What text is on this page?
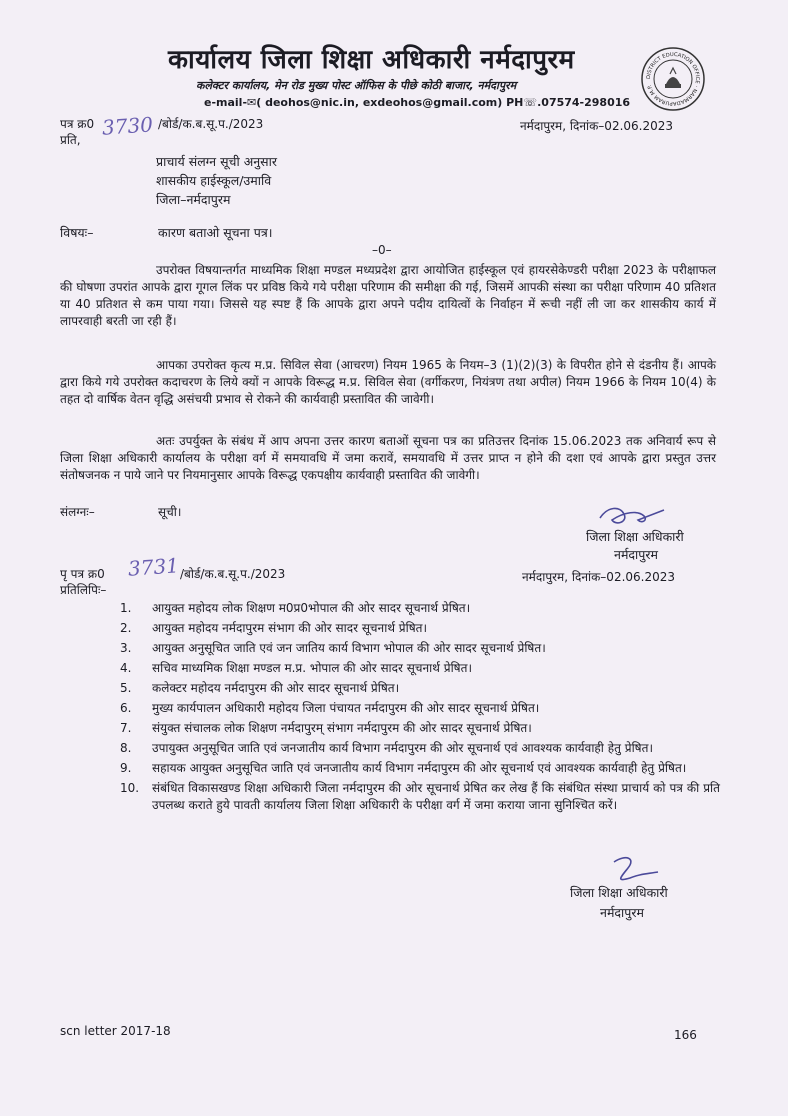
कार्यालय जिला शिक्षा अधिकारी नर्मदापुरम
कलेक्टर कार्यालय, मेन रोड मुख्य पोस्ट ऑफिस के पीछे कोठी बाजार, नर्मदापुरम
e-mail-✉( deohos@nic.in, exdeohos@gmail.com) PH☏.07574-298016
DISTRICT EDUCATION OFFICE · NARMADAPURAM M.P.
पत्र क्र0 3730 /बोर्ड/क.ब.सू.प./2023	नर्मदापुरम, दिनांक–02.06.2023
प्रति,
प्राचार्य संलग्न सूची अनुसार
शासकीय हाईस्कूल/उमावि
जिला–नर्मदापुरम
विषयः–	कारण बताओ सूचना पत्र।
–0–
उपरोक्त विषयान्तर्गत माध्यमिक शिक्षा मण्डल मध्यप्रदेश द्वारा आयोजित हाईस्कूल एवं हायरसेकेण्डरी परीक्षा 2023 के परीक्षाफल की घोषणा उपरांत आपके द्वारा गूगल लिंक पर प्रविष्ठ किये गये परीक्षा परिणाम की समीक्षा की गई, जिसमें आपकी संस्था का परीक्षा परिणाम 40 प्रतिशत या 40 प्रतिशत से कम पाया गया। जिससे यह स्पष्ट हैं कि आपके द्वारा अपने पदीय दायित्वों के निर्वाहन में रूची नहीं ली जा कर शासकीय कार्य में लापरवाही बरती जा रही हैं।
आपका उपरोक्त कृत्य म.प्र. सिविल सेवा (आचरण) नियम 1965 के नियम–3 (1)(2)(3) के विपरीत होने से दंडनीय हैं। आपके द्वारा किये गये उपरोक्त कदाचरण के लिये क्यों न आपके विरूद्ध म.प्र. सिविल सेवा (वर्गीकरण, नियंत्रण तथा अपील) नियम 1966 के नियम 10(4) के तहत दो वार्षिक वेतन वृद्धि असंचयी प्रभाव से रोकने की कार्यवाही प्रस्तावित की जावेगी।
अतः उपर्युक्त के संबंध में आप अपना उत्तर कारण बताओं सूचना पत्र का प्रतिउत्तर दिनांक 15.06.2023 तक अनिवार्य रूप से जिला शिक्षा अधिकारी कार्यालय के परीक्षा वर्ग में समयावधि में जमा करावें, समयावधि में उत्तर प्राप्त न होने की दशा एवं आपके द्वारा प्रस्तुत उत्तर संतोषजनक न पाये जाने पर नियमानुसार आपके विरूद्ध एकपक्षीय कार्यवाही प्रस्तावित की जावेगी।
संलग्नः–	सूची।
जिला शिक्षा अधिकारी
नर्मदापुरम
पृ पत्र क्र0 3731 /बोर्ड/क.ब.सू.प./2023	नर्मदापुरम, दिनांक–02.06.2023
प्रतिलिपिः–
1. आयुक्त महोदय लोक शिक्षण म0प्र0भोपाल की ओर सादर सूचनार्थ प्रेषित।
2. आयुक्त महोदय नर्मदापुरम संभाग की ओर सादर सूचनार्थ प्रेषित।
3. आयुक्त अनुसूचित जाति एवं जन जातिय कार्य विभाग भोपाल की ओर सादर सूचनार्थ प्रेषित।
4. सचिव माध्यमिक शिक्षा मण्डल म.प्र. भोपाल की ओर सादर सूचनार्थ प्रेषित।
5. कलेक्टर महोदय नर्मदापुरम की ओर सादर सूचनार्थ प्रेषित।
6. मुख्य कार्यपालन अधिकारी महोदय जिला पंचायत नर्मदापुरम की ओर सादर सूचनार्थ प्रेषित।
7. संयुक्त संचालक लोक शिक्षण नर्मदापुरम् संभाग नर्मदापुरम की ओर सादर सूचनार्थ प्रेषित।
8. उपायुक्त अनुसूचित जाति एवं जनजातीय कार्य विभाग नर्मदापुरम की ओर सूचनार्थ एवं आवश्यक कार्यवाही हेतु प्रेषित।
9. सहायक आयुक्त अनुसूचित जाति एवं जनजातीय कार्य विभाग नर्मदापुरम की ओर सूचनार्थ एवं आवश्यक कार्यवाही हेतु प्रेषित।
10. संबंधित विकासखण्ड शिक्षा अधिकारी जिला नर्मदापुरम की ओर सूचनार्थ प्रेषित कर लेख हैं कि संबंधित संस्था प्राचार्य को पत्र की प्रति उपलब्ध कराते हुये पावती कार्यालय जिला शिक्षा अधिकारी के परीक्षा वर्ग में जमा कराया जाना सुनिश्चित करें।
जिला शिक्षा अधिकारी
नर्मदापुरम
scn letter 2017-18	166
